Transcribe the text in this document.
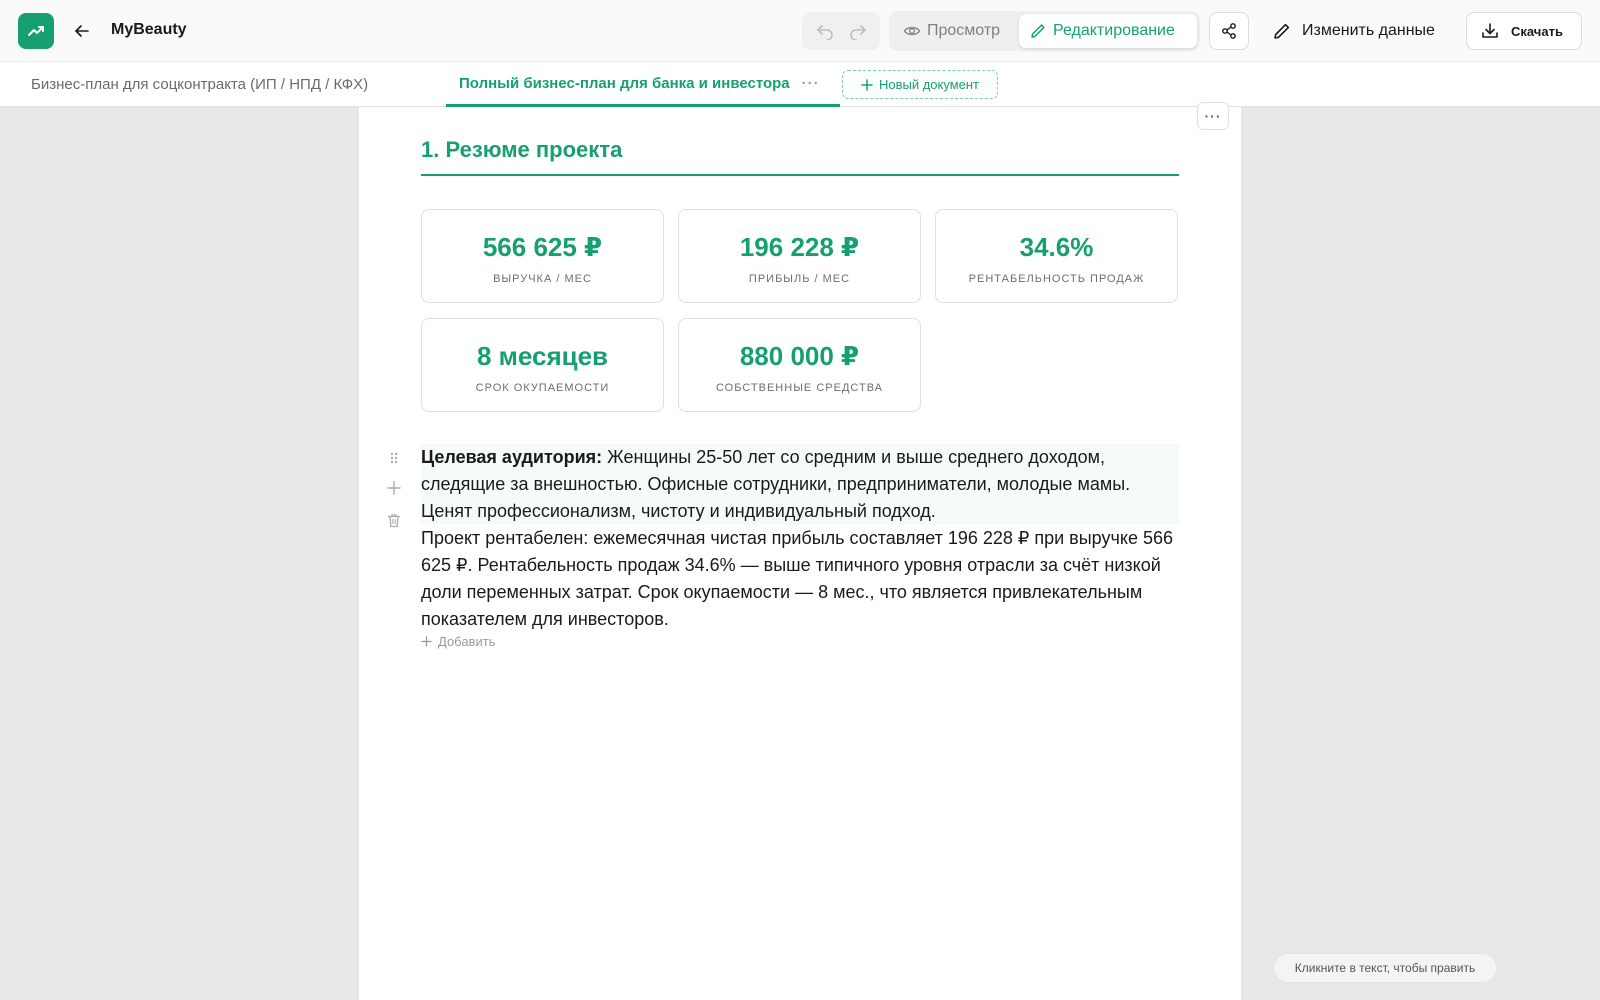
MyBeauty	Просмотр	Редактирование	Изменить данные	Скачать
Бизнес-план для соцконтракта (ИП / НПД / КФХ)	Полный бизнес-план для банка и инвестора ···	Новый документ
···
1. Резюме проекта
566 625 ₽
ВЫРУЧКА / МЕС
196 228 ₽
ПРИБЫЛЬ / МЕС
34.6%
РЕНТАБЕЛЬНОСТЬ ПРОДАЖ
8 месяцев
СРОК ОКУПАЕМОСТИ
880 000 ₽
СОБСТВЕННЫЕ СРЕДСТВА
Целевая аудитория: Женщины 25-50 лет со средним и выше среднего доходом, следящие за внешностью. Офисные сотрудники, предприниматели, молодые мамы. Ценят профессионализм, чистоту и индивидуальный подход.
Проект рентабелен: ежемесячная чистая прибыль составляет 196 228 ₽ при выручке 566 625 ₽. Рентабельность продаж 34.6% — выше типичного уровня отрасли за счёт низкой доли переменных затрат. Срок окупаемости — 8 мес., что является привлекательным показателем для инвесторов.
Добавить
Кликните в текст, чтобы править
